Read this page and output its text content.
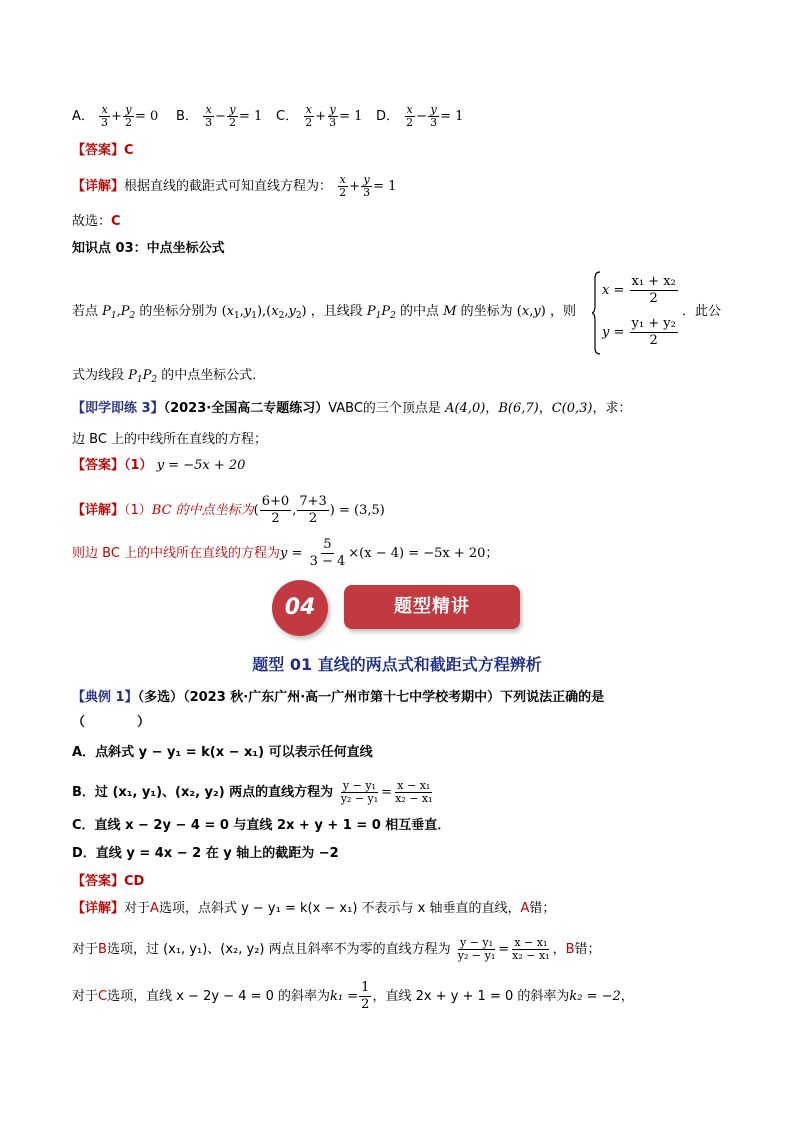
A． $\frac{x}{3} + \frac{y}{2} = 0$ B． $\frac{x}{3} - \frac{y}{2} = 1$ C． $\frac{x}{2} + \frac{y}{3} = 1$ D． $\frac{x}{2} - \frac{y}{3} = 1$
【答案】C
【详解】根据直线的截距式可知直线方程为： $\frac{x}{2} + \frac{y}{3} = 1$
故选：C
知识点 03：中点坐标公式
若点 $P_1,P_2$ 的坐标分别为 $(x_1,y_1),(x_2,y_2)$ ，且线段 $P_1P_2$ 的中点 M 的坐标为 (x,y) ，则
$x = \frac{\text{x₁ + x₂}}{2}$
$y = \frac{\text{y₁ + y₂}}{2}$
．此公
式为线段 $P_1P_2$ 的中点坐标公式．
【即学即练 3】（2023·全国高二专题练习）VABC的三个顶点是 A(4,0)，B(6,7)，C(0,3)，求：
边 BC 上的中线所在直线的方程；
【答案】（1） y = −5x + 20
【详解】（1）BC 的中点坐标为( $\frac{6+0}{2}$ , $\frac{7+3}{2}$ ) = (3,5)
则边 BC 上的中线所在直线的方程为$y = \frac{5}{3 - 4} \times(x - 4) = -5x + 20$；
04	题型精讲
题型 01 直线的两点式和截距式方程辨析
【典例 1】（多选）（2023 秋·广东广州·高一广州市第十七中学校考期中）下列说法正确的是
（　　　　）
A．点斜式 y − y₁ = k(x − x₁) 可以表示任何直线
B．过 (x₁, y₁)、(x₂, y₂) 两点的直线方程为 $\frac{\text{y − y₁}}{\text{y₂ − y₁}} = \frac{\text{x − x₁}}{\text{x₂ − x₁}}$
C．直线 x − 2y − 4 = 0 与直线 2x + y + 1 = 0 相互垂直．
D．直线 y = 4x − 2 在 y 轴上的截距为 −2
【答案】CD
【详解】对于A选项，点斜式 y − y₁ = k(x − x₁) 不表示与 x 轴垂直的直线，A错；
对于B选项，过 (x₁, y₁)、(x₂, y₂) 两点且斜率不为零的直线方程为 $\frac{\text{y − y₁}}{\text{y₂ − y₁}} = \frac{\text{x − x₁}}{\text{x₂ − x₁}}$ ，B错；
对于C选项，直线 x − 2y − 4 = 0 的斜率为$k_1 = \frac{1}{2}$ ，直线 2x + y + 1 = 0 的斜率为k₂ = −2，
